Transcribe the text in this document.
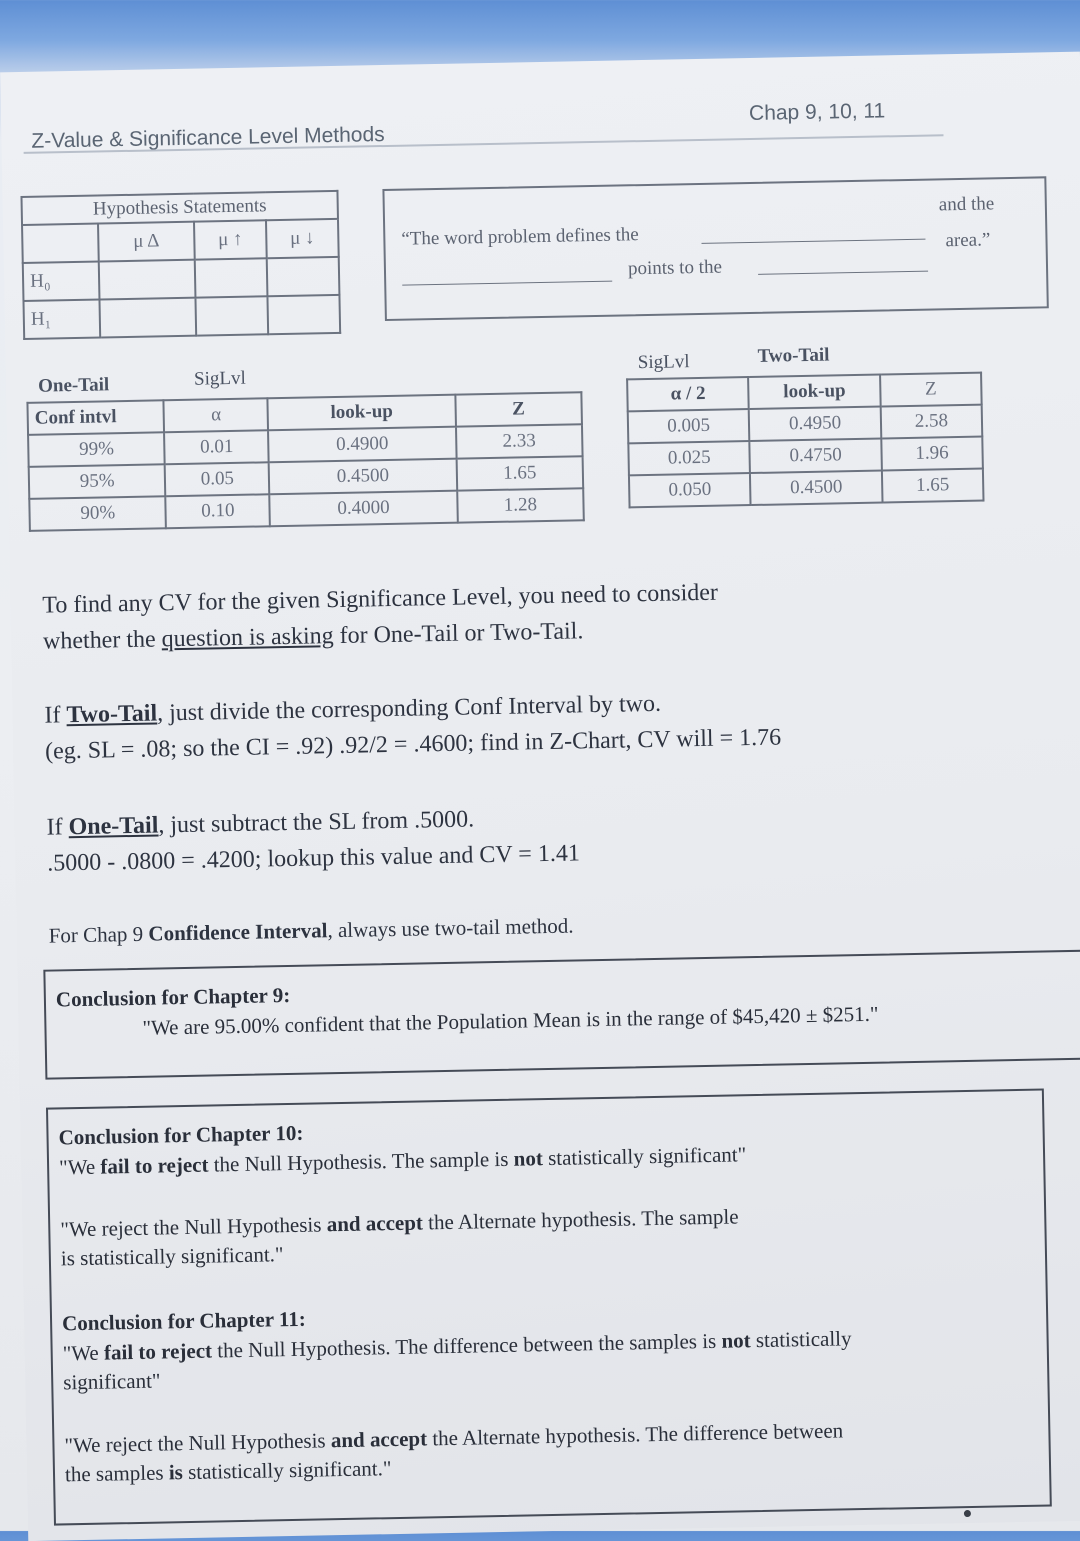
Z-Value & Significance Level Methods
Chap 9, 10, 11
Hypothesis Statements			
	μ Δ	μ ↑	μ ↓
H₀			
H₁			
“The word problem defines the
and the
points to the
area.”
One-Tail	SigLvl
Conf intvl	α	look-up	Z
99%	0.01	0.4900	2.33
95%	0.05	0.4500	1.65
90%	0.10	0.4000	1.28
SigLvl	Two-Tail
α / 2	look-up	Z
0.005	0.4950	2.58
0.025	0.4750	1.96
0.050	0.4500	1.65
To find any CV for the given Significance Level, you need to consider
whether the question is asking for One-Tail or Two-Tail.
If Two-Tail, just divide the corresponding Conf Interval by two.
(eg. SL = .08; so the CI = .92) .92/2 = .4600; find in Z-Chart, CV will = 1.76
If One-Tail, just subtract the SL from .5000.
.5000 - .0800 = .4200; lookup this value and CV = 1.41
For Chap 9 Confidence Interval, always use two-tail method.
Conclusion for Chapter 9:
"We are 95.00% confident that the Population Mean is in the range of $45,420 ± $251."
Conclusion for Chapter 10:
"We fail to reject the Null Hypothesis. The sample is not statistically significant"
"We reject the Null Hypothesis and accept the Alternate hypothesis. The sample
is statistically significant."
Conclusion for Chapter 11:
"We fail to reject the Null Hypothesis. The difference between the samples is not statistically
significant"
"We reject the Null Hypothesis and accept the Alternate hypothesis. The difference between
the samples is statistically significant."
